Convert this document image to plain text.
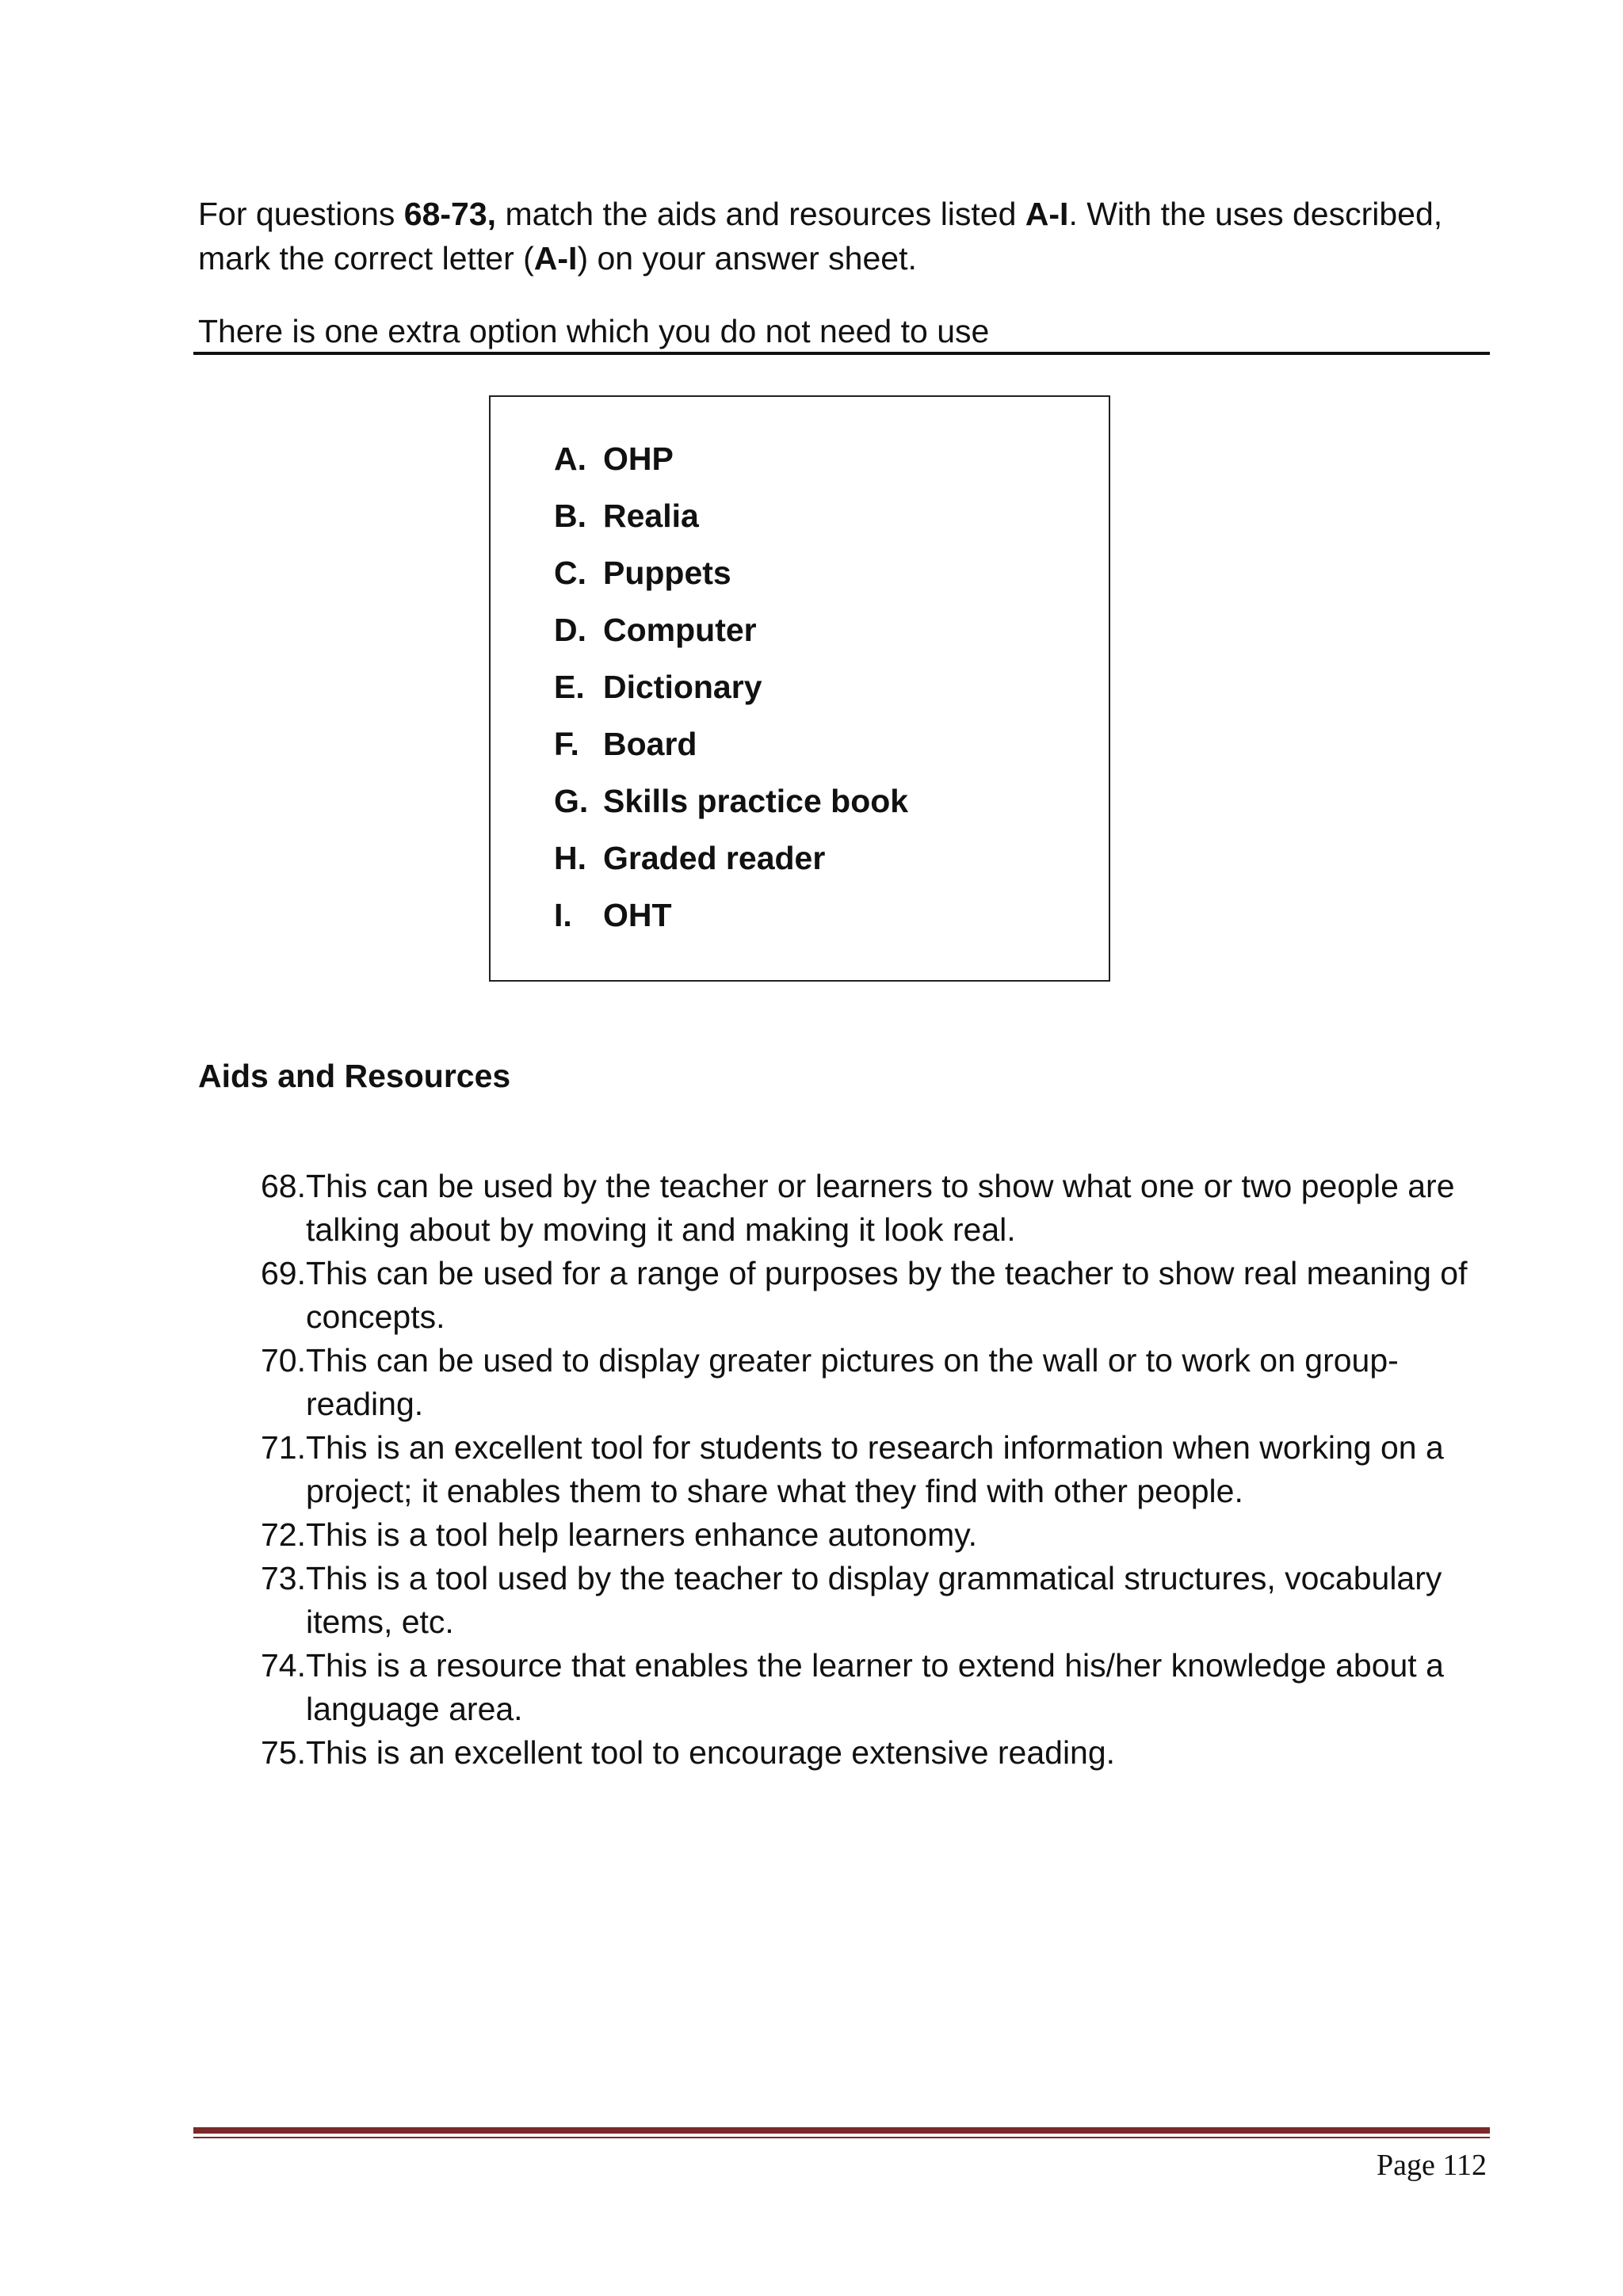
For questions 68-73, match the aids and resources listed A-I. With the uses described, mark the correct letter (A-I) on your answer sheet.

There is one extra option which you do not need to use

A. OHP
B. Realia
C. Puppets
D. Computer
E. Dictionary
F. Board
G. Skills practice book
H. Graded reader
I. OHT
Aids and Resources
68. This can be used by the teacher or learners to show what one or two people are talking about by moving it and making it look real.
69. This can be used for a range of purposes by the teacher to show real meaning of concepts.
70. This can be used to display greater pictures on the wall or to work on group-reading.
71. This is an excellent tool for students to research information when working on a project; it enables them to share what they find with other people.
72. This is a tool help learners enhance autonomy.
73. This is a tool used by the teacher to display grammatical structures, vocabulary items, etc.
74. This is a resource that enables the learner to extend his/her knowledge about a language area.
75. This is an excellent tool to encourage extensive reading.
Page 112
